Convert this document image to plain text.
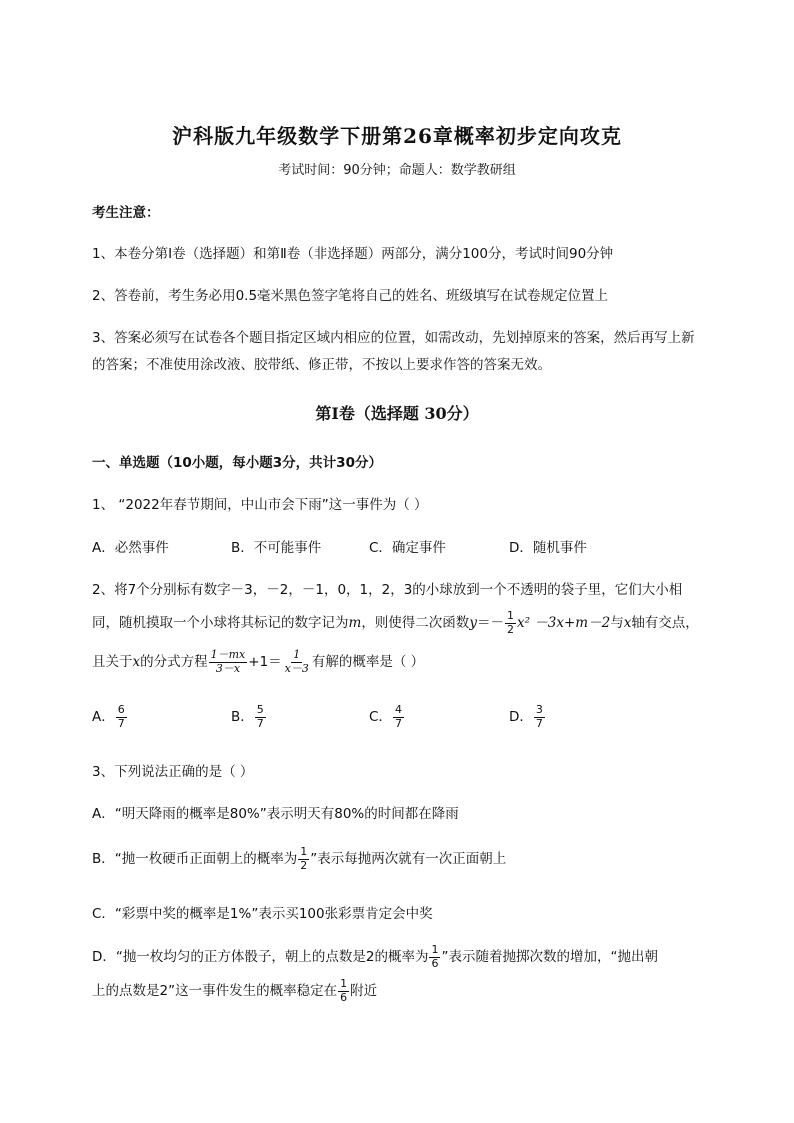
沪科版九年级数学下册第26章概率初步定向攻克
考试时间：90分钟；命题人：数学教研组
考生注意：
1、本卷分第I卷（选择题）和第Ⅱ卷（非选择题）两部分，满分100分，考试时间90分钟
2、答卷前，考生务必用0.5毫米黑色签字笔将自己的姓名、班级填写在试卷规定位置上
3、答案必须写在试卷各个题目指定区域内相应的位置，如需改动，先划掉原来的答案，然后再写上新
的答案；不准使用涂改液、胶带纸、修正带，不按以上要求作答的答案无效。
第I卷（选择题 30分）
一、单选题（10小题，每小题3分，共计30分）
1、 “2022年春节期间，中山市会下雨”这一事件为（ ）
A．必然事件	B．不可能事件	C．确定事件	D．随机事件
2、将7个分别标有数字－3，－2，－1，0，1，2，3的小球放到一个不透明的袋子里，它们大小相
同，随机摸取一个小球将其标记的数字记为m，则使得二次函数$y=- \frac{1}{2} x^2 -3x+m-2$与x轴有交点，
且关于x的分式方程 $\frac{1-mx}{3-x} +1= \frac{1}{x-3}$ 有解的概率是（ ）
A． $\frac{6}{7}$	B． $\frac{5}{7}$	C． $\frac{4}{7}$	D． $\frac{3}{7}$
3、下列说法正确的是（ ）
A．“明天降雨的概率是80%”表示明天有80%的时间都在降雨
B．“抛一枚硬币正面朝上的概率为 $\frac{1}{2}$ ”表示每抛两次就有一次正面朝上
C．“彩票中奖的概率是1%”表示买100张彩票肯定会中奖
D．“抛一枚均匀的正方体骰子，朝上的点数是2的概率为 $\frac{1}{6}$ ”表示随着抛掷次数的增加，“抛出朝
上的点数是2”这一事件发生的概率稳定在 $\frac{1}{6}$ 附近
